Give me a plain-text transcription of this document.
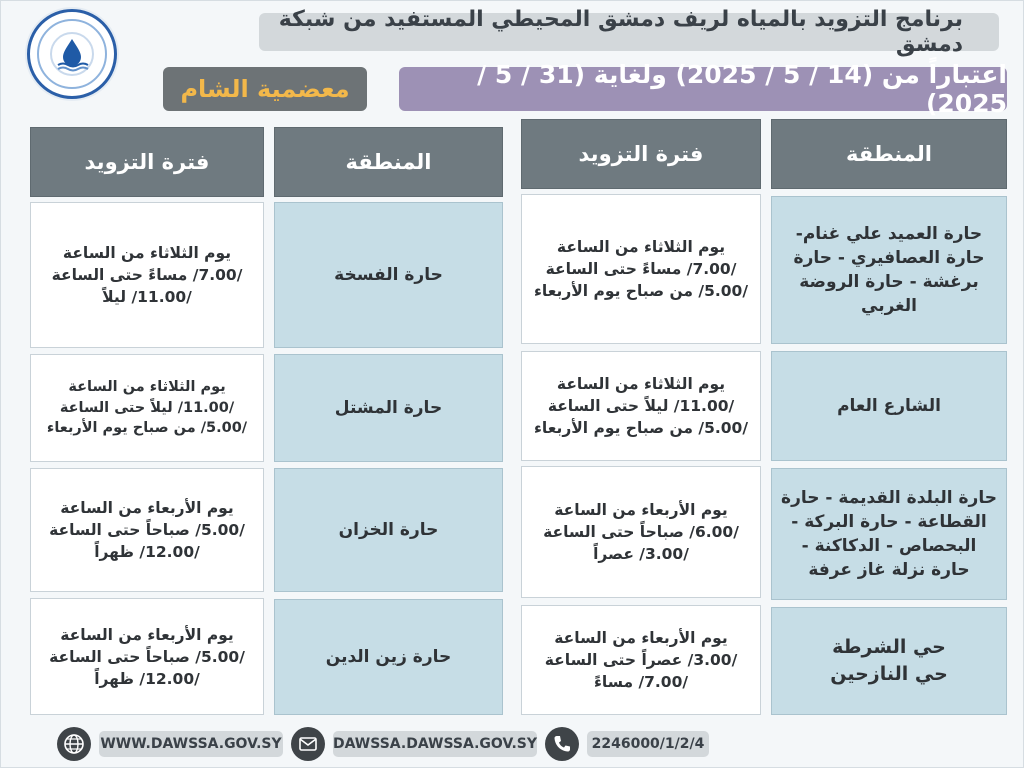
برنامج التزويد بالمياه لريف دمشق المحيطي المستفيد من شبكة دمشق
اعتباراً من (14 / 5 / 2025) ولغاية (31 / 5 / 2025)
معضمية الشام
المنطقة
فترة التزويد
حارة العميد علي غنام-
حارة العصافيري - حارة
برغشة - حارة الروضة
الغربي
يوم الثلاثاء من الساعة
/7.00/ مساءً حتى الساعة
/5.00/ من صباح يوم الأربعاء
الشارع العام
يوم الثلاثاء من الساعة
/11.00/ ليلاً حتى الساعة
/5.00/ من صباح يوم الأربعاء
حارة البلدة القديمة - حارة
القطاعة - حارة البركة -
البحصاص - الدكاكنة -
حارة نزلة غاز عرفة
يوم الأربعاء من الساعة
/6.00/ صباحاً حتى الساعة
/3.00/ عصراً
حي الشرطة
حي النازحين
يوم الأربعاء من الساعة
/3.00/ عصراً حتى الساعة
/7.00/ مساءً
المنطقة
فترة التزويد
حارة الفسخة
يوم الثلاثاء من الساعة
/7.00/ مساءً حتى الساعة
/11.00/ ليلاً
حارة المشتل
يوم الثلاثاء من الساعة
/11.00/ ليلاً حتى الساعة
/5.00/ من صباح يوم الأربعاء
حارة الخزان
يوم الأربعاء من الساعة
/5.00/ صباحاً حتى الساعة
/12.00/ ظهراً
حارة زين الدين
يوم الأربعاء من الساعة
/5.00/ صباحاً حتى الساعة
/12.00/ ظهراً
WWW.DAWSSA.GOV.SY	DAWSSA.DAWSSA.GOV.SY	2246000/1/2/4
